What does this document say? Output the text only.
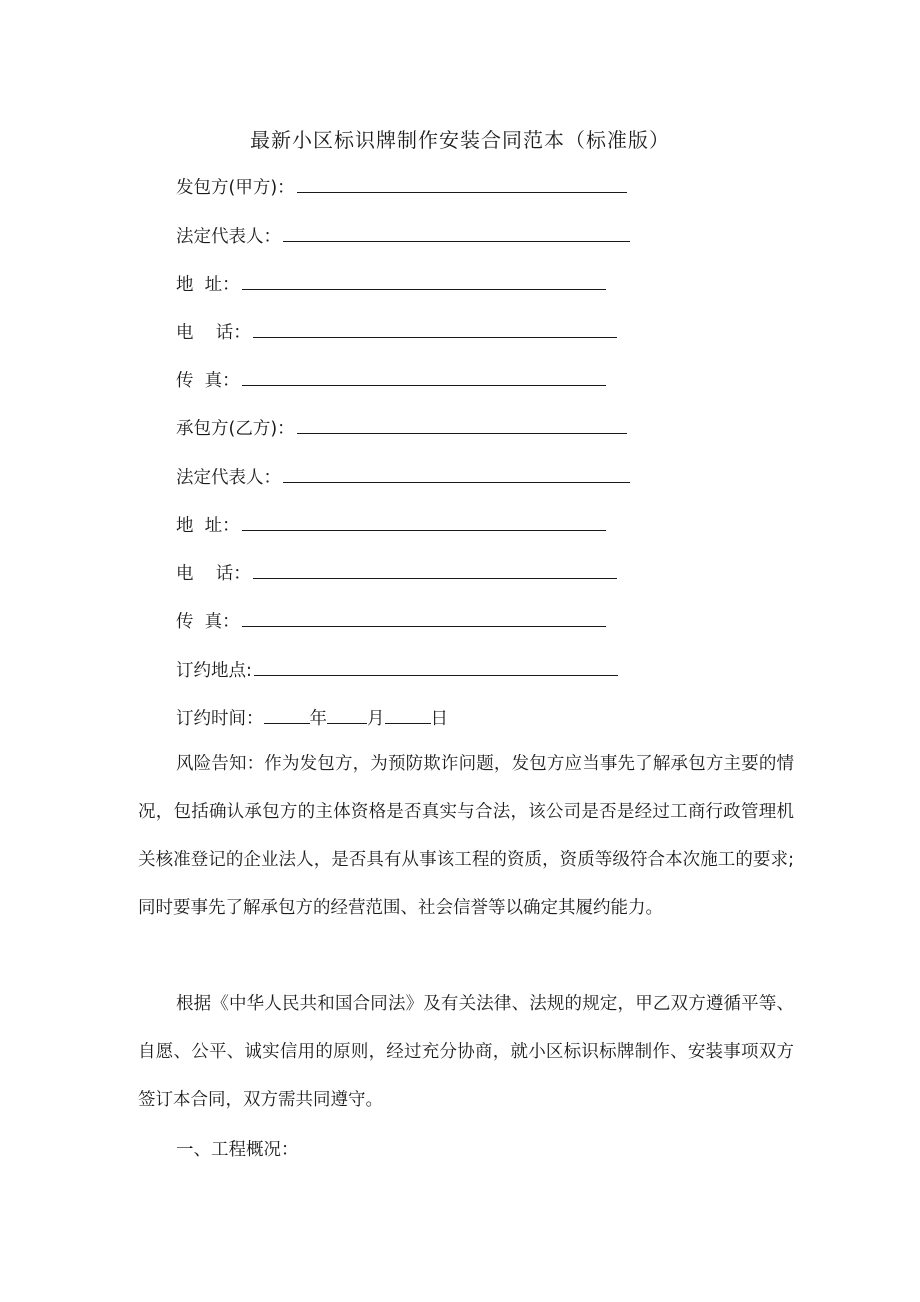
最新小区标识牌制作安装合同范本（标准版）
发包方(甲方)：
法定代表人：
地  址：
电    话：
传  真：
承包方(乙方)：
法定代表人：
地  址：
电    话：
传  真：
订约地点:
订约时间：	年 月	日

风险告知：作为发包方，为预防欺诈问题，发包方应当事先了解承包方主要的情况，包括确认承包方的主体资格是否真实与合法，该公司是否是经过工商行政管理机关核准登记的企业法人，是否具有从事该工程的资质，资质等级符合本次施工的要求;同时要事先了解承包方的经营范围、社会信誉等以确定其履约能力。

根据《中华人民共和国合同法》及有关法律、法规的规定，甲乙双方遵循平等、自愿、公平、诚实信用的原则，经过充分协商，就小区标识标牌制作、安装事项双方签订本合同，双方需共同遵守。

一、工程概况：
